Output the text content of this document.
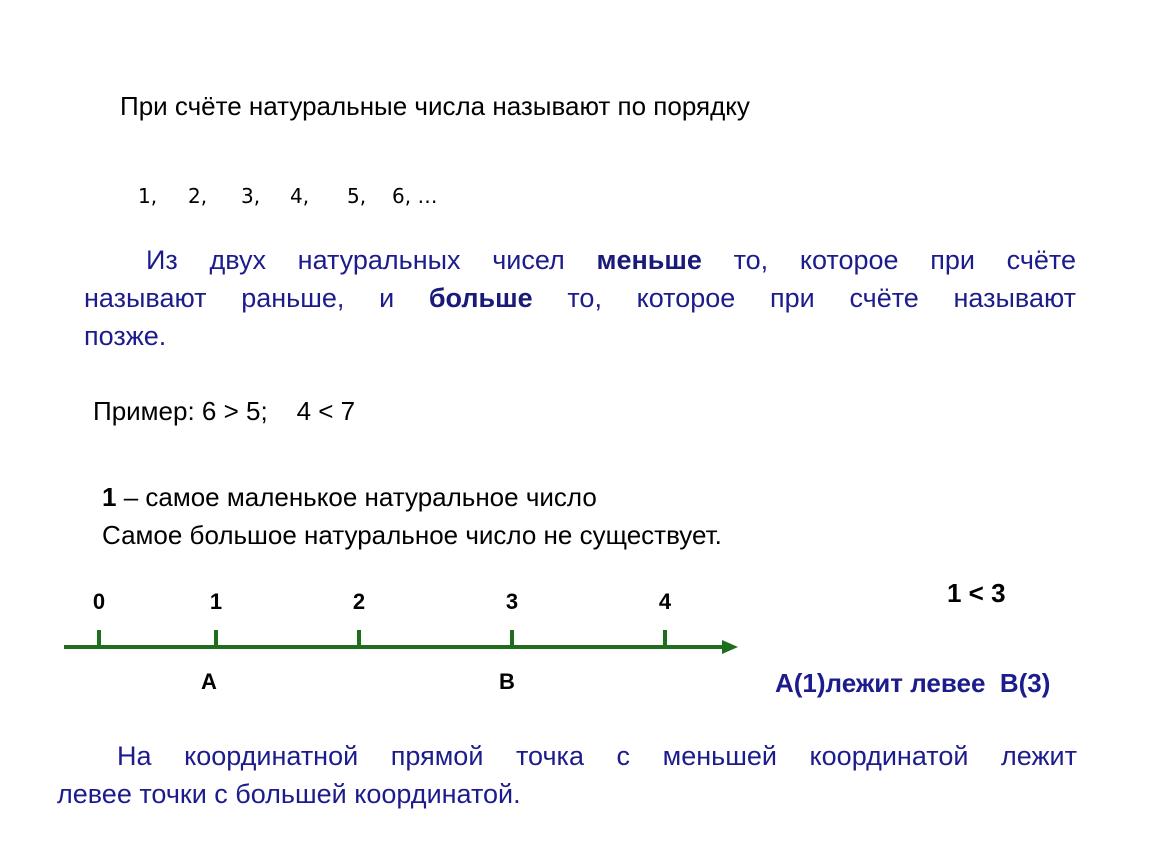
При счёте натуральные числа называют по порядку
1, 2, 3, 4, 5, 6, …
Из двух натуральных чисел меньше то, которое при счёте
называют раньше, и больше то, которое при счёте называют
позже.
Пример: 6 > 5;    4 < 7
1 – самое маленькое натуральное число
Самое большое натуральное число не существует.
0	1	2	3	4
A	B
1 < 3
A(1)лежит левее  B(3)
На координатной прямой точка с меньшей координатой лежит
левее точки с большей координатой.
